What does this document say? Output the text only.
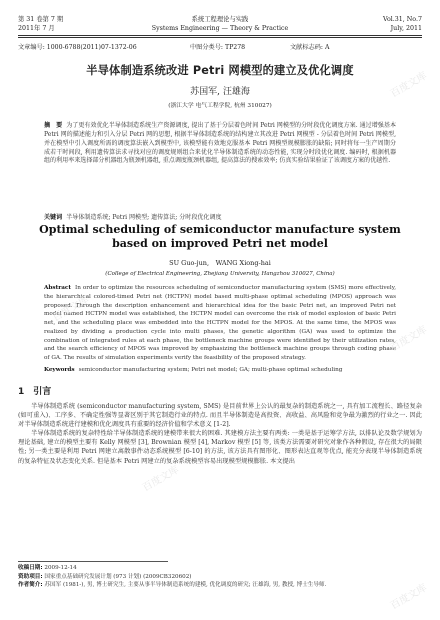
第 31 卷第 7 期	系统工程理论与实践	Vol.31, No.7
2011年 7 月	Systems Engineering — Theory & Practice	July, 2011
文章编号: 1000-6788(2011)07-1372-06	中图分类号: TP278	文献标志码: A
半导体制造系统改进 Petri 网模型的建立及优化调度
苏国军, 汪雄海
(浙江大学 电气工程学院, 杭州 310027)
摘　要 为了更有效优化半导体制造系统生产资源调度, 提出了基于分层着色时间 Petri 网模型的分时段优化调度方案. 通过增强基本 Petri 网的描述能力和引入分层 Petri 网的思想, 根据半导体制造系统的结构建立其改进 Petri 网模型 - 分层着色时间 Petri 网模型, 并在模型中引入调度所需的调度算法嵌入到模型中, 该模型能有效地克服基本 Petri 网模型规模膨胀的缺陷; 同时将每一生产周期分成若干时间段, 利用遗传算法求寻找对应的调度规则组合来优化半导体制造系统的动态性能, 实现分时段优化调度. 编码时, 根据机器组的利用率来选择部分机器组为瓶颈机器组, 重点调度瓶颈机器组, 提高算法的搜索效率; 仿真实验结果验证了该调度方案的优越性.
关键词 半导体制造系统; Petri 网模型; 遗传算法; 分时段优化调度
Optimal scheduling of semiconductor manufacture system based on improved Petri net model
SU Guo-jun,　WANG Xiong-hai
(College of Electrical Engineering, Zhejiang University, Hangzhou 310027, China)
Abstract In order to optimize the resources scheduling of semiconductor manufacturing system (SMS) more effectively, the hierarchical colored-timed Petri net (HCTPN) model based multi-phase optimal scheduling (MPOS) approach was proposed. Through the description enhancement and hierarchical idea for the basic Petri net, an improved Petri net model named HCTPN model was established, the HCTPN model can overcome the risk of model explosion of basic Petri net, and the scheduling place was embedded into the HCTPN model for the MPOS. At the same time, the MPOS was realized by dividing a production cycle into multi phases, the genetic algorithm (GA) was used to optimize the combination of integrated rules at each phase, the bottleneck machine groups were identified by their utilization rates, and the search efficiency of MPOS was improved by emphasizing the bottleneck machine groups through coding phase of GA. The results of simulation experiments verify the feasibility of the proposed strategy.
Keywords semiconductor manufacturing system; Petri net model; GA; multi-phase optimal scheduling
1　引言

半导体制造系统 (semiconductor manufacturing system, SMS) 是目前世界上公认的最复杂的制造系统之一, 具有加工流程长、路径复杂 (如可重入)、工序多、不确定性强等显著区别于其它制造行业的特点. 而且半导体制造是高投资、高收益、高风险和竞争最为激烈的行业之一. 因此对半导体制造系统进行建模和优化调度具有重要的经济价值和学术意义 [1-2].

半导体制造系统的复杂特性给半导体制造系统的建模带来很大的困难. 其建模方法主要有两类: 一类是基于运筹学方法, 以排队论及数学规划为理论基础, 建立的模型主要有 Kelly 网模型 [3], Brownian 模型 [4], Markov 模型 [5] 等, 该类方法需要对研究对象作各种假设, 存在很大的局限性; 另一类主要是利用 Petri 网建立离散事件动态系统模型 [6-10] 的方法, 该方法具有图形化、图形表达直观等优点, 能充分表现半导体制造系统的复杂特征及状态变化关系. 但是基本 Petri 网建立的复杂系统模型容易出现模型规模膨胀. 本文提出

收稿日期: 2009-12-14
资助项目: 国家重点基础研究发展计划 (973 计划) (2009CB320602)
作者简介: 苏国军 (1981-), 男, 博士研究生, 主要从事半导体制造系统的建模, 优化调度的研究; 汪雄海, 男, 教授, 博士生导师.
百度文库
百度文库
百度文库
百度文库
百度文库
